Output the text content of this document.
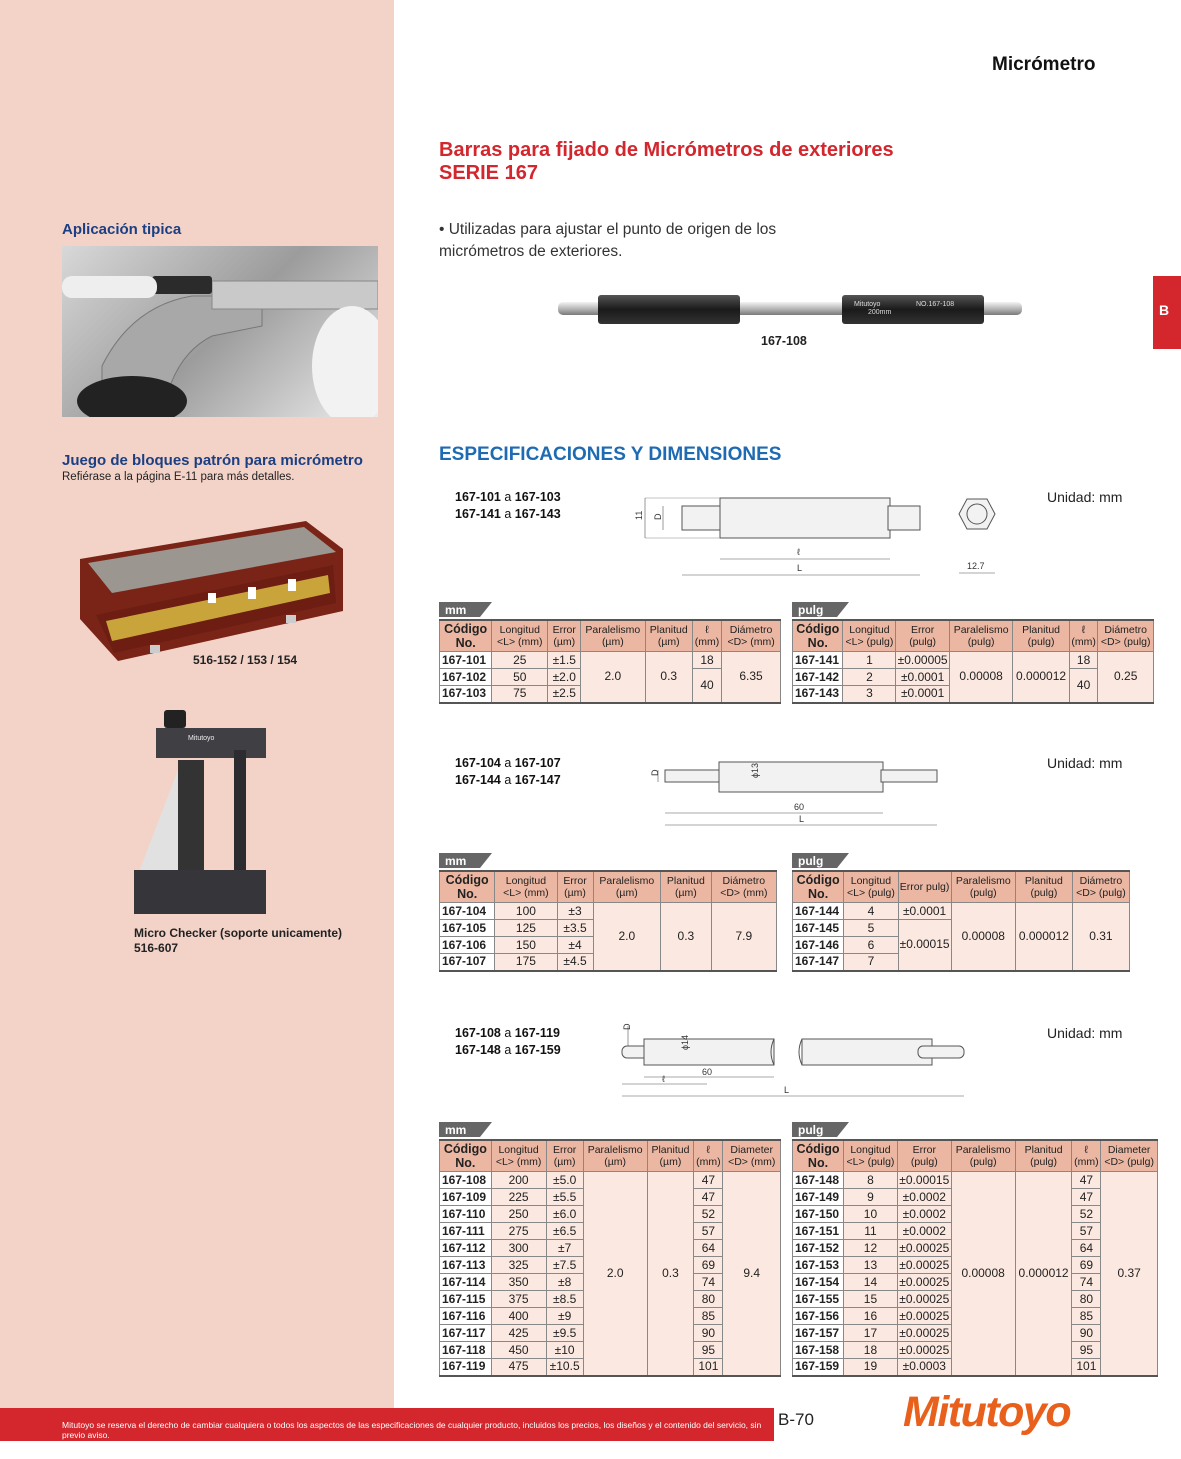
Micrómetro
B
Barras para fijado de Micrómetros de exteriores
SERIE 167
• Utilizadas para ajustar el punto de origen de los micrómetros de exteriores.
Mitutoyo	NO.167-108
200mm
167-108
ESPECIFICACIONES Y DIMENSIONES
Aplicación tipica
Juego de bloques patrón para micrómetro
Refiérase a la página E-11 para más detalles.
516-152 / 153 / 154
Mitutoyo
Micro Checker (soporte unicamente)
516-607
167-101 a 167-103
167-141 a 167-143
Unidad: mm
11 D
ℓ
L	12.7
mm
Código No.	Longitud <L> (mm)	Error (µm)	Paralelismo (µm)	Planitud (µm)	ℓ (mm)	Diámetro <D> (mm)
167-101	25	±1.5	2.0	0.3	18	6.35
167-102	50	±2.0			40	
167-103	75	±2.5				
pulg
Código No.	Longitud <L> (pulg)	Error (pulg)	Paralelismo (pulg)	Planitud (pulg)	ℓ (mm)	Diámetro <D> (pulg)
167-141	1	±0.00005	0.00008	0.000012	18	0.25
167-142	2	±0.0001			40	
167-143	3	±0.0001				
167-104 a 167-107
167-144 a 167-147
Unidad: mm
D	ϕ13
60
L
mm
Código No.	Longitud <L> (mm)	Error (µm)	Paralelismo (µm)	Planitud (µm)	Diámetro <D> (mm)
167-104	100	±3	2.0	0.3	7.9
167-105	125	±3.5			
167-106	150	±4			
167-107	175	±4.5			
pulg
Código No.	Longitud <L> (pulg)	Error pulg)	Paralelismo (pulg)	Planitud (pulg)	Diámetro <D> (pulg)
167-144	4	±0.0001	0.00008	0.000012	0.31
167-145	5	±0.00015			
167-146	6				
167-147	7				
167-108 a 167-119
167-148 a 167-159
Unidad: mm
D
ϕ14
60
ℓ
L
mm
Código No.	Longitud <L> (mm)	Error (µm)	Paralelismo (µm)	Planitud (µm)	ℓ (mm)	Diameter <D> (mm)
167-108	200	±5.0	2.0	0.3	47	9.4
167-109	225	±5.5			47	
167-110	250	±6.0			52	
167-111	275	±6.5			57	
167-112	300	±7			64	
167-113	325	±7.5			69	
167-114	350	±8			74	
167-115	375	±8.5			80	
167-116	400	±9			85	
167-117	425	±9.5			90	
167-118	450	±10			95	
167-119	475	±10.5			101	
pulg
Código No.	Longitud <L> (pulg)	Error (pulg)	Paralelismo (pulg)	Planitud (pulg)	ℓ (mm)	Diameter <D> (pulg)
167-148	8	±0.00015	0.00008	0.000012	47	0.37
167-149	9	±0.0002			47	
167-150	10	±0.0002			52	
167-151	11	±0.0002			57	
167-152	12	±0.00025			64	
167-153	13	±0.00025			69	
167-154	14	±0.00025			74	
167-155	15	±0.00025			80	
167-156	16	±0.00025			85	
167-157	17	±0.00025			90	
167-158	18	±0.00025			95	
167-159	19	±0.0003			101	
Mitutoyo se reserva el derecho de cambiar cualquiera o todos los aspectos de las especificaciones de cualquier producto, incluidos los precios, los diseños y el contenido del servicio, sin previo aviso.
B-70 Mitutoyo
